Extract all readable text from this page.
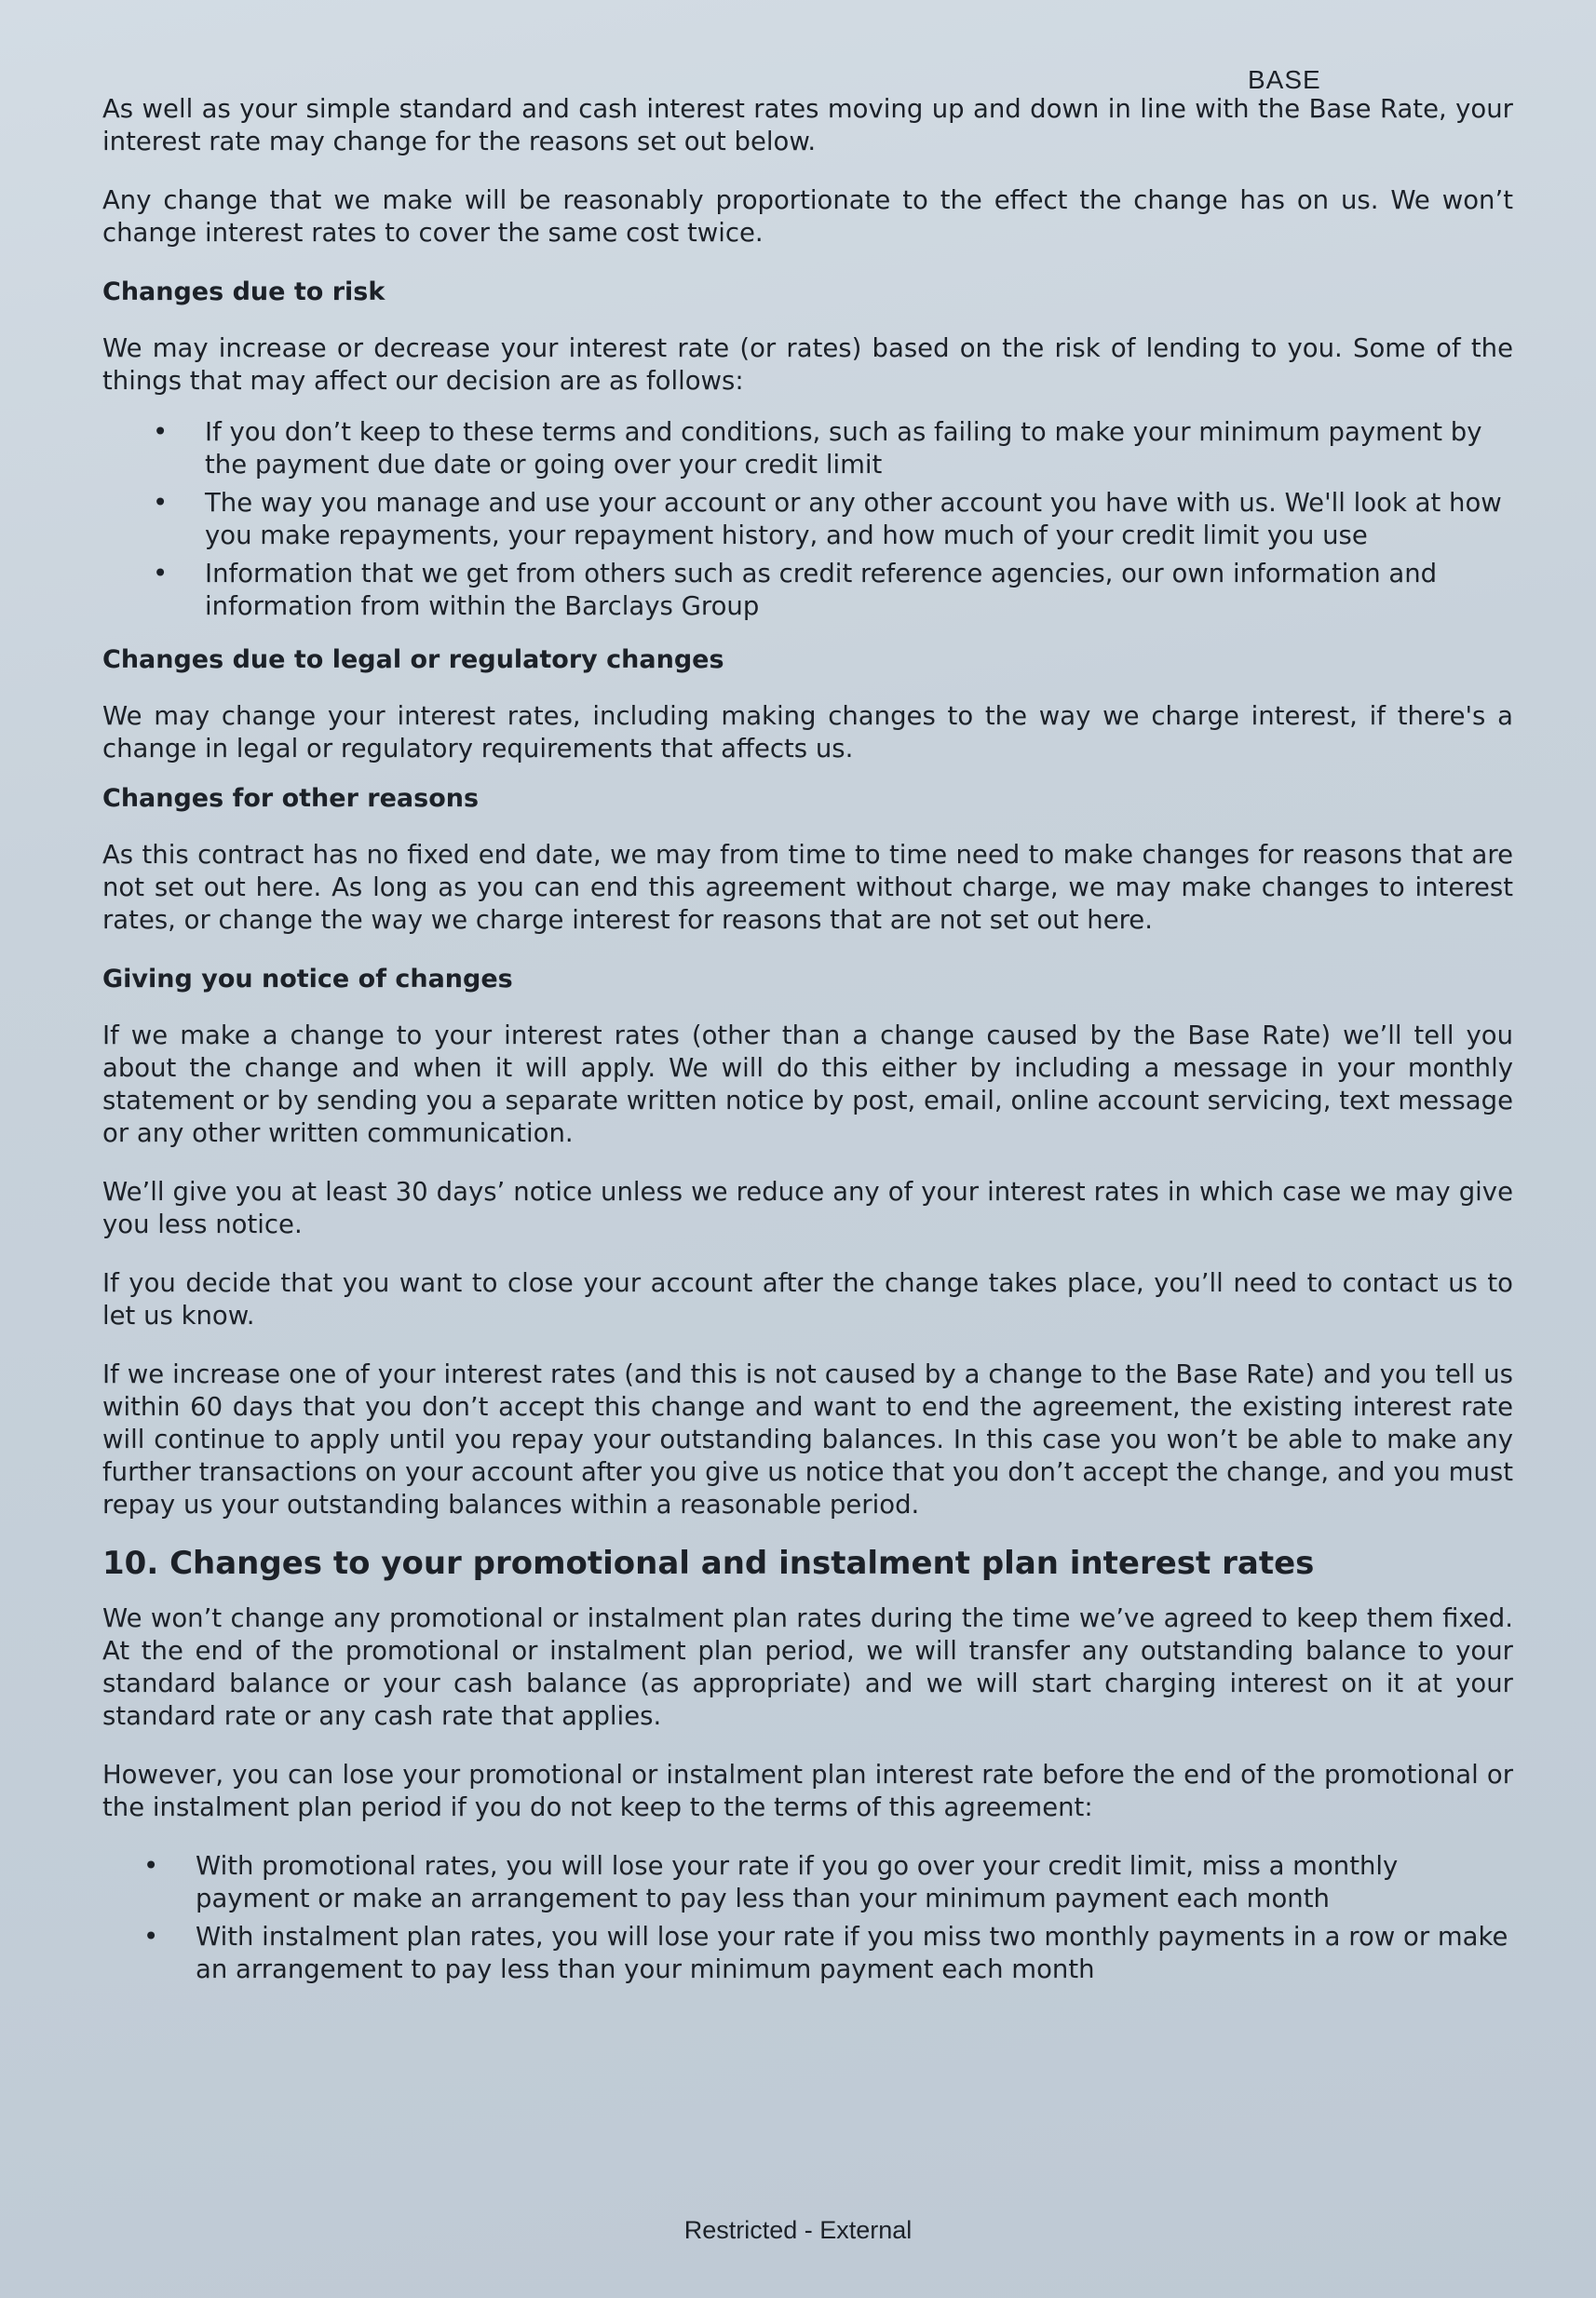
BASE

As well as your simple standard and cash interest rates moving up and down in line with the Base Rate, your interest rate may change for the reasons set out below.

Any change that we make will be reasonably proportionate to the effect the change has on us. We won’t change interest rates to cover the same cost twice.

Changes due to risk

We may increase or decrease your interest rate (or rates) based on the risk of lending to you. Some of the things that may affect our decision are as follows:

• If you don’t keep to these terms and conditions, such as failing to make your minimum payment by the payment due date or going over your credit limit
• The way you manage and use your account or any other account you have with us. We'll look at how you make repayments, your repayment history, and how much of your credit limit you use
• Information that we get from others such as credit reference agencies, our own information and information from within the Barclays Group
Changes due to legal or regulatory changes

We may change your interest rates, including making changes to the way we charge interest, if there's a change in legal or regulatory requirements that affects us.

Changes for other reasons

As this contract has no fixed end date, we may from time to time need to make changes for reasons that are not set out here. As long as you can end this agreement without charge, we may make changes to interest rates, or change the way we charge interest for reasons that are not set out here.

Giving you notice of changes

If we make a change to your interest rates (other than a change caused by the Base Rate) we’ll tell you about the change and when it will apply. We will do this either by including a message in your monthly statement or by sending you a separate written notice by post, email, online account servicing, text message or any other written communication.

We’ll give you at least 30 days’ notice unless we reduce any of your interest rates in which case we may give you less notice.

If you decide that you want to close your account after the change takes place, you’ll need to contact us to let us know.

If we increase one of your interest rates (and this is not caused by a change to the Base Rate) and you tell us within 60 days that you don’t accept this change and want to end the agreement, the existing interest rate will continue to apply until you repay your outstanding balances. In this case you won’t be able to make any further transactions on your account after you give us notice that you don’t accept the change, and you must repay us your outstanding balances within a reasonable period.

10. Changes to your promotional and instalment plan interest rates

We won’t change any promotional or instalment plan rates during the time we’ve agreed to keep them fixed. At the end of the promotional or instalment plan period, we will transfer any outstanding balance to your standard balance or your cash balance (as appropriate) and we will start charging interest on it at your standard rate or any cash rate that applies.

However, you can lose your promotional or instalment plan interest rate before the end of the promotional or the instalment plan period if you do not keep to the terms of this agreement:

• With promotional rates, you will lose your rate if you go over your credit limit, miss a monthly payment or make an arrangement to pay less than your minimum payment each month
• With instalment plan rates, you will lose your rate if you miss two monthly payments in a row or make an arrangement to pay less than your minimum payment each month
Restricted - External
